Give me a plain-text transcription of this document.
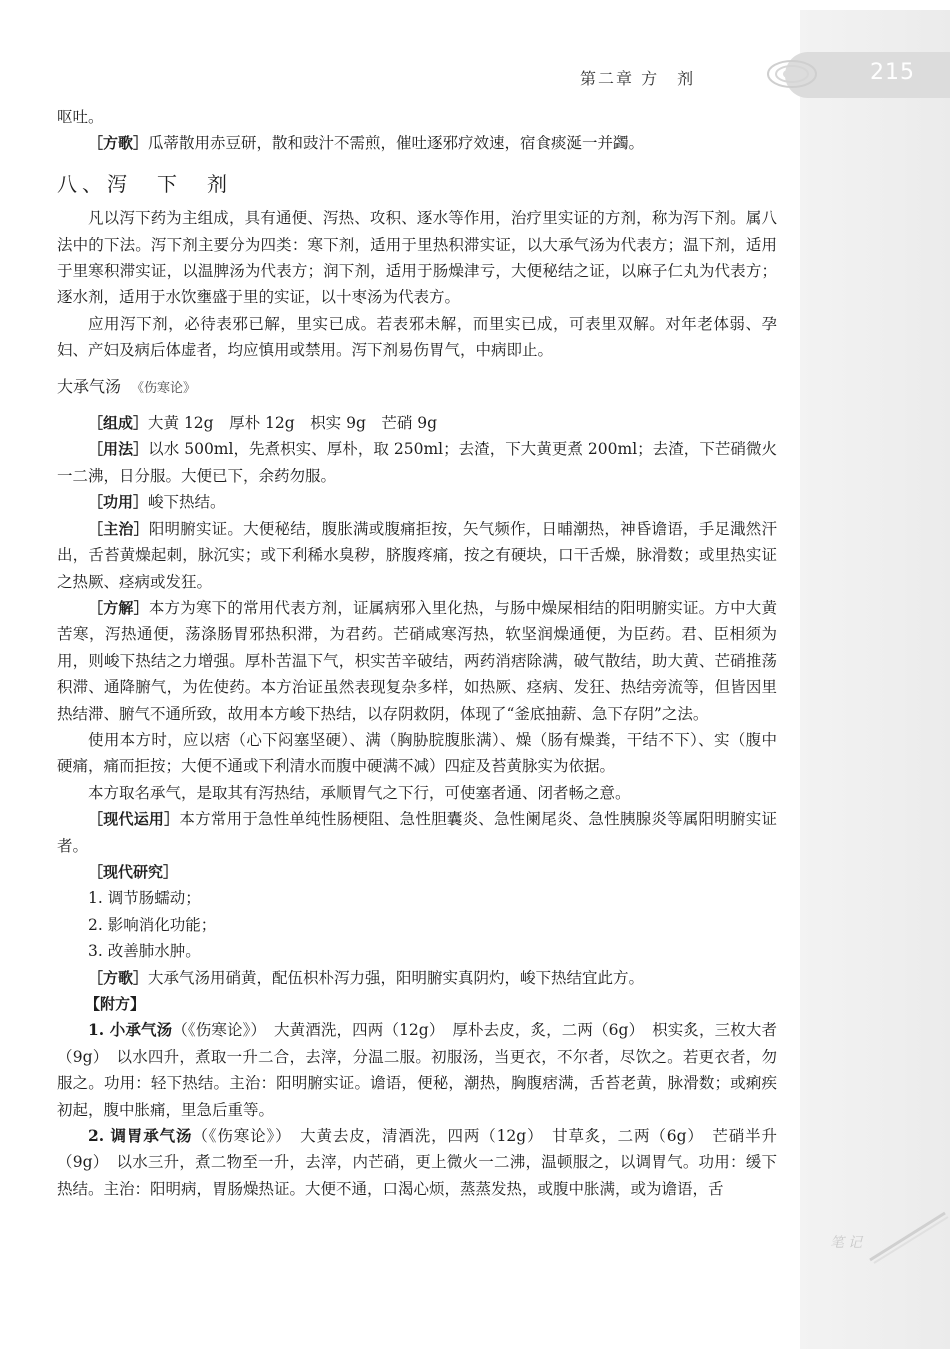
215
第二章 方　剂
笔记

呕吐。

［方歌］瓜蒂散用赤豆研，散和豉汁不需煎，催吐逐邪疗效速，宿食痰涎一并蠲。

八、泻　下　剂

凡以泻下药为主组成，具有通便、泻热、攻积、逐水等作用，治疗里实证的方剂，称为泻下剂。属八法中的下法。泻下剂主要分为四类：寒下剂，适用于里热积滞实证，以大承气汤为代表方；温下剂，适用于里寒积滞实证，以温脾汤为代表方；润下剂，适用于肠燥津亏，大便秘结之证，以麻子仁丸为代表方；逐水剂，适用于水饮壅盛于里的实证，以十枣汤为代表方。

应用泻下剂，必待表邪已解，里实已成。若表邪未解，而里实已成，可表里双解。对年老体弱、孕妇、产妇及病后体虚者，均应慎用或禁用。泻下剂易伤胃气，中病即止。

大承气汤 《伤寒论》

［组成］大黄 12g　厚朴 12g　枳实 9g　芒硝 9g

［用法］以水 500ml，先煮枳实、厚朴，取 250ml；去渣，下大黄更煮 200ml；去渣，下芒硝微火一二沸，日分服。大便已下，余药勿服。

［功用］峻下热结。

［主治］阳明腑实证。大便秘结，腹胀满或腹痛拒按，矢气频作，日晡潮热，神昏谵语，手足濈然汗出，舌苔黄燥起刺，脉沉实；或下利稀水臭秽，脐腹疼痛，按之有硬块，口干舌燥，脉滑数；或里热实证之热厥、痉病或发狂。

［方解］本方为寒下的常用代表方剂，证属病邪入里化热，与肠中燥屎相结的阳明腑实证。方中大黄苦寒，泻热通便，荡涤肠胃邪热积滞，为君药。芒硝咸寒泻热，软坚润燥通便，为臣药。君、臣相须为用，则峻下热结之力增强。厚朴苦温下气，枳实苦辛破结，两药消痞除满，破气散结，助大黄、芒硝推荡积滞、通降腑气，为佐使药。本方治证虽然表现复杂多样，如热厥、痉病、发狂、热结旁流等，但皆因里热结滞、腑气不通所致，故用本方峻下热结，以存阴救阴，体现了“釜底抽薪、急下存阴”之法。

使用本方时，应以痞（心下闷塞坚硬）、满（胸胁脘腹胀满）、燥（肠有燥粪，干结不下）、实（腹中硬痛，痛而拒按；大便不通或下利清水而腹中硬满不减）四症及苔黄脉实为依据。

本方取名承气，是取其有泻热结，承顺胃气之下行，可使塞者通、闭者畅之意。

［现代运用］本方常用于急性单纯性肠梗阻、急性胆囊炎、急性阑尾炎、急性胰腺炎等属阳明腑实证者。

［现代研究］

1. 调节肠蠕动；

2. 影响消化功能；

3. 改善肺水肿。

［方歌］大承气汤用硝黄，配伍枳朴泻力强，阳明腑实真阴灼，峻下热结宜此方。

【附方】

1. 小承气汤（《伤寒论》）　大黄酒洗，四两（12g）　厚朴去皮，炙，二两（6g）　枳实炙，三枚大者（9g）　以水四升，煮取一升二合，去滓，分温二服。初服汤，当更衣，不尔者，尽饮之。若更衣者，勿服之。功用：轻下热结。主治：阳明腑实证。谵语，便秘，潮热，胸腹痞满，舌苔老黄，脉滑数；或痢疾初起，腹中胀痛，里急后重等。

2. 调胃承气汤（《伤寒论》）　大黄去皮，清酒洗，四两（12g）　甘草炙，二两（6g）　芒硝半升（9g）　以水三升，煮二物至一升，去滓，内芒硝，更上微火一二沸，温顿服之，以调胃气。功用：缓下热结。主治：阳明病，胃肠燥热证。大便不通，口渴心烦，蒸蒸发热，或腹中胀满，或为谵语，舌
